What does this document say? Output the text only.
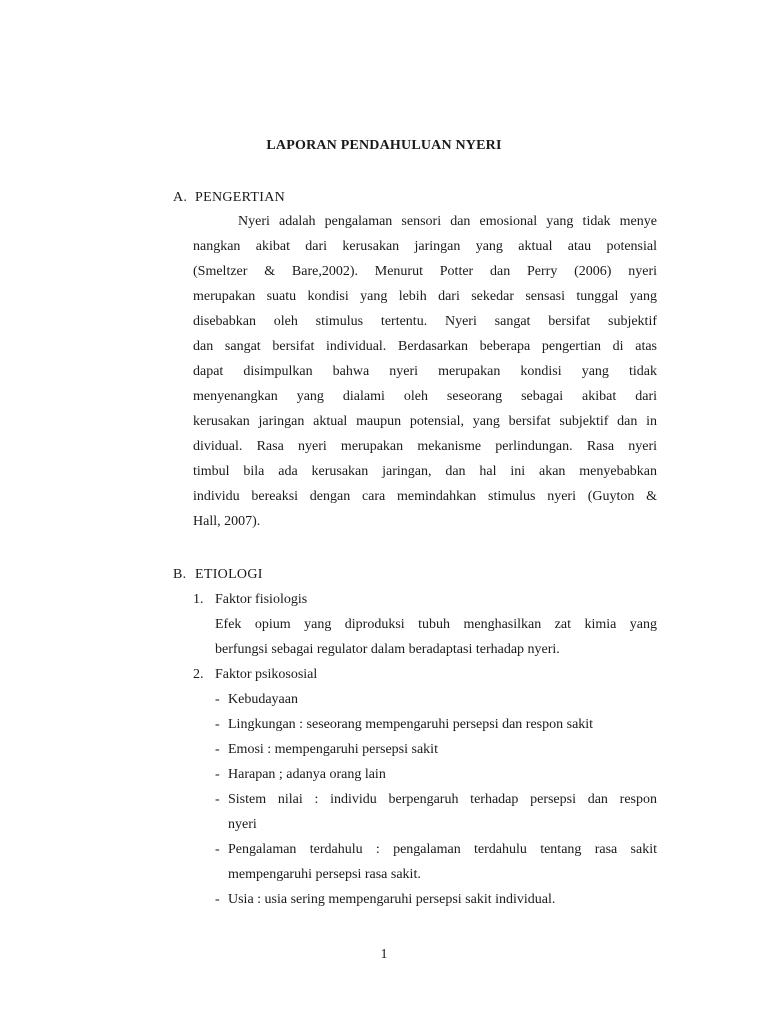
LAPORAN PENDAHULUAN NYERI
A. PENGERTIAN
Nyeri adalah pengalaman sensori dan emosional yang tidak menye
nangkan akibat dari kerusakan jaringan yang aktual atau potensial
(Smeltzer & Bare,2002). Menurut Potter dan Perry (2006) nyeri
merupakan suatu kondisi yang lebih dari sekedar sensasi tunggal yang
disebabkan oleh stimulus tertentu. Nyeri sangat bersifat subjektif
dan sangat bersifat individual. Berdasarkan beberapa pengertian di atas
dapat disimpulkan bahwa nyeri merupakan kondisi yang tidak
menyenangkan yang dialami oleh seseorang sebagai akibat dari
kerusakan jaringan aktual maupun potensial, yang bersifat subjektif dan in
dividual. Rasa nyeri merupakan mekanisme perlindungan. Rasa nyeri
timbul bila ada kerusakan jaringan, dan hal ini akan menyebabkan
individu bereaksi dengan cara memindahkan stimulus nyeri (Guyton &
Hall, 2007).
B. ETIOLOGI
1. Faktor fisiologis
Efek opium yang diproduksi tubuh menghasilkan zat kimia yang
berfungsi sebagai regulator dalam beradaptasi terhadap nyeri.
2. Faktor psikososial
- Kebudayaan
- Lingkungan : seseorang mempengaruhi persepsi dan respon sakit
- Emosi : mempengaruhi persepsi sakit
- Harapan ; adanya orang lain
- Sistem nilai : individu berpengaruh terhadap persepsi dan respon
nyeri
- Pengalaman terdahulu : pengalaman terdahulu tentang rasa sakit
mempengaruhi persepsi rasa sakit.
- Usia : usia sering mempengaruhi persepsi sakit individual.
1
